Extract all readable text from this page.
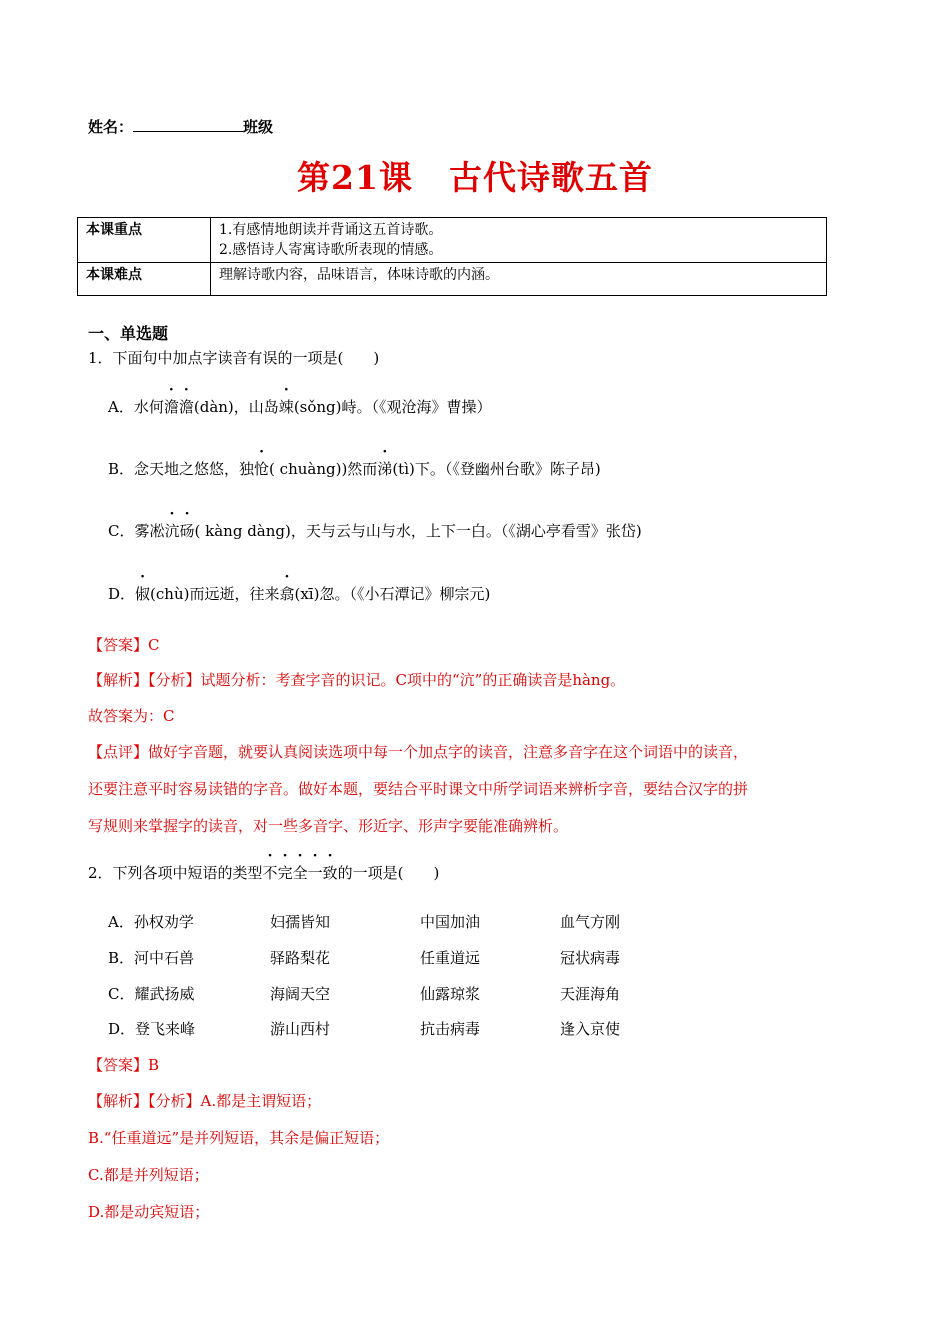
姓名：	班级
第21课 古代诗歌五首
本课重点	1.有感情地朗读并背诵这五首诗歌。
2.感悟诗人寄寓诗歌所表现的情感。

本课难点	理解诗歌内容，品味语言，体味诗歌的内涵。
一、单选题
1．下面句中加点字读音有误的一项是(　　)
A．水何澹澹(dàn)，山岛竦(sǒng)峙。（《观沧海》曹操）
B．念天地之悠悠，独怆( chuàng))然而涕(tì)下。（《登幽州台歌》陈子昂)
C．雾凇沆砀( kàng dàng)，天与云与山与水，上下一白。（《湖心亭看雪》张岱)
D．俶(chù)而远逝，往来翕(xī)忽。（《小石潭记》柳宗元)
【答案】C
【解析】【分析】试题分析：考查字音的识记。C项中的“沆”的正确读音是hàng。
故答案为：C
【点评】做好字音题，就要认真阅读选项中每一个加点字的读音，注意多音字在这个词语中的读音，
还要注意平时容易读错的字音。做好本题，要结合平时课文中所学词语来辨析字音，要结合汉字的拼
写规则来掌握字的读音，对一些多音字、形近字、形声字要能准确辨析。
2．下列各项中短语的类型不完全一致的一项是(　　)
A．孙权劝学	妇孺皆知	中国加油	血气方刚
B．河中石兽	驿路梨花	任重道远	冠状病毒
C．耀武扬威	海阔天空	仙露琼浆	天涯海角
D．登飞来峰	游山西村	抗击病毒	逢入京使
【答案】B
【解析】【分析】A.都是主谓短语；
B.“任重道远”是并列短语，其余是偏正短语；
C.都是并列短语；
D.都是动宾短语；
